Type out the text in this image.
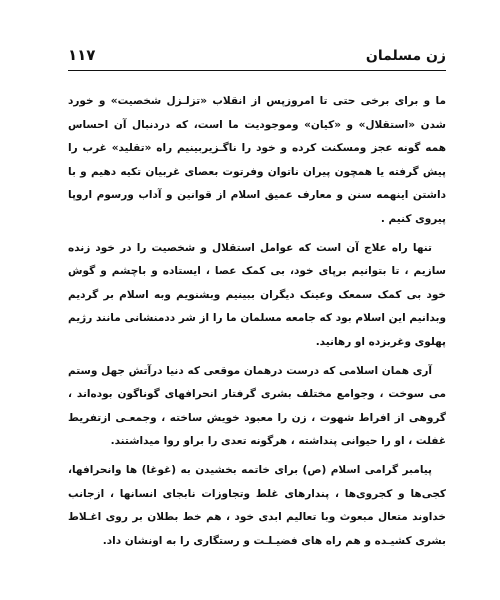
زن مسلمان
۱۱۷

ما و برای برخی حتی تا امروزپس از انقلاب «تزلـزل شخصیت» و خورد شدن «استقلال» و «کیان» وموجودیت ما است، که دردنبال آن احساس همه گونه عجز ومسکنت کرده و خود را ناگـزیربینیم راه «تقلید» غرب را پیش گرفته یا همچون پیران ناتوان وفرتوت بعصای غربیان تکیه دهیم و با داشتن اینهمه سنن و معارف عمیق اسلام از قوانین و آداب ورسوم اروپا پیروی کنیم .

تنها راه علاج آن است که عوامل استقلال و شخصیت را در خود زنده سازیم ، تا بتوانیم برپای خود، بی کمک عصا ، ایستاده و باچشم و گوش خود بی کمک سمعک وعینک دیگران ببینیم وبشنویم وبه اسلام بر گردیم وبدانیم این اسلام بود که جامعه مسلمان ما را از شر ددمنشانی مانند رژیم پهلوی وغربزده او رهانید.

آری همان اسلامی که درست درهمان موقعی که دنیا درآتش جهل وستم می سوخت ، وجوامع مختلف بشری گرفتار انحرافهای گوناگون بوده‌اند ، گروهی از افراط شهوت ، زن را معبود خویش ساخته ، وجمعـی ازتفریط غفلت ، او را حیوانی پنداشته ، هرگونه تعدی را براو روا میداشتند.

پیامبر گرامی اسلام (ص) برای خاتمه بخشیدن به (غوغا) ها وانحرافها، کجی‌ها و کجروی‌ها ، پندارهای غلط وتجاوزات نابجای انسانها ، ازجانب خداوند متعال مبعوث وبا تعالیم ابدی خود ، هم خط بطلان بر روی اغـلاط بشری کشیـده و هم راه های فضیـلـت و رستگاری را به اونشان داد.
